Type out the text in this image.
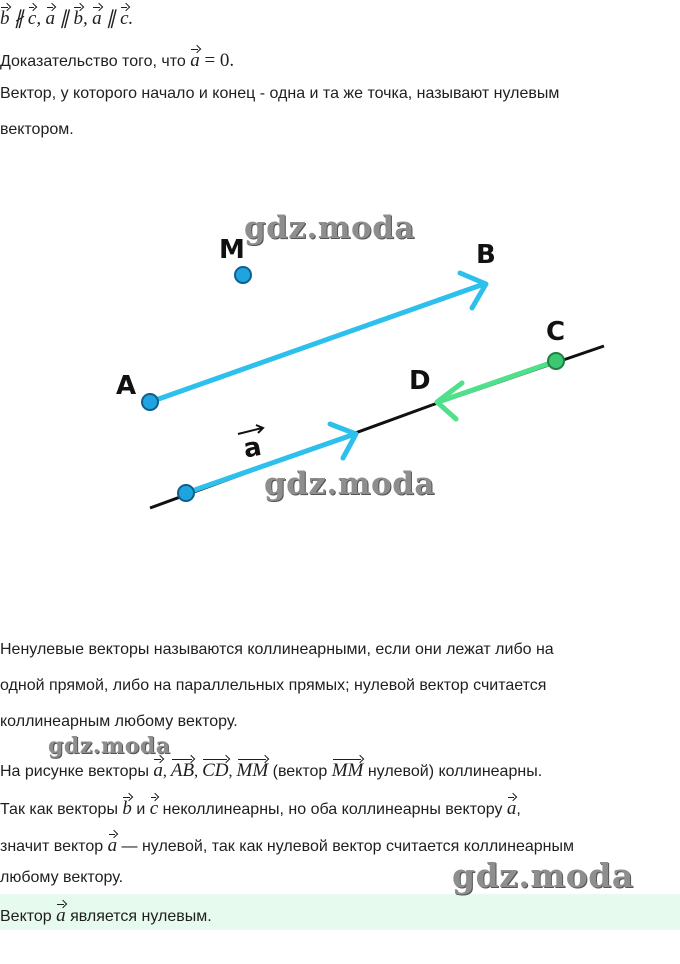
b ∦ c, a ∥ b, a ∥ c.
Доказательство того, что a = 0.
Вектор, у которого начало и конец - одна и та же точка, называют нулевым
вектором.
M	B
A
C
D
a
Ненулевые векторы называются коллинеарными, если они лежат либо на
одной прямой, либо на параллельных прямых; нулевой вектор считается
коллинеарным любому вектору.
На рисунке векторы a, AB, CD, MM (вектор MM нулевой) коллинеарны.
Так как векторы b и c неколлинеарны, но оба коллинеарны вектору a,
значит вектор a — нулевой, так как нулевой вектор считается коллинеарным
любому вектору.
Вектор a является нулевым.
gdz.moda
gdz.moda
gdz.moda
gdz.moda
